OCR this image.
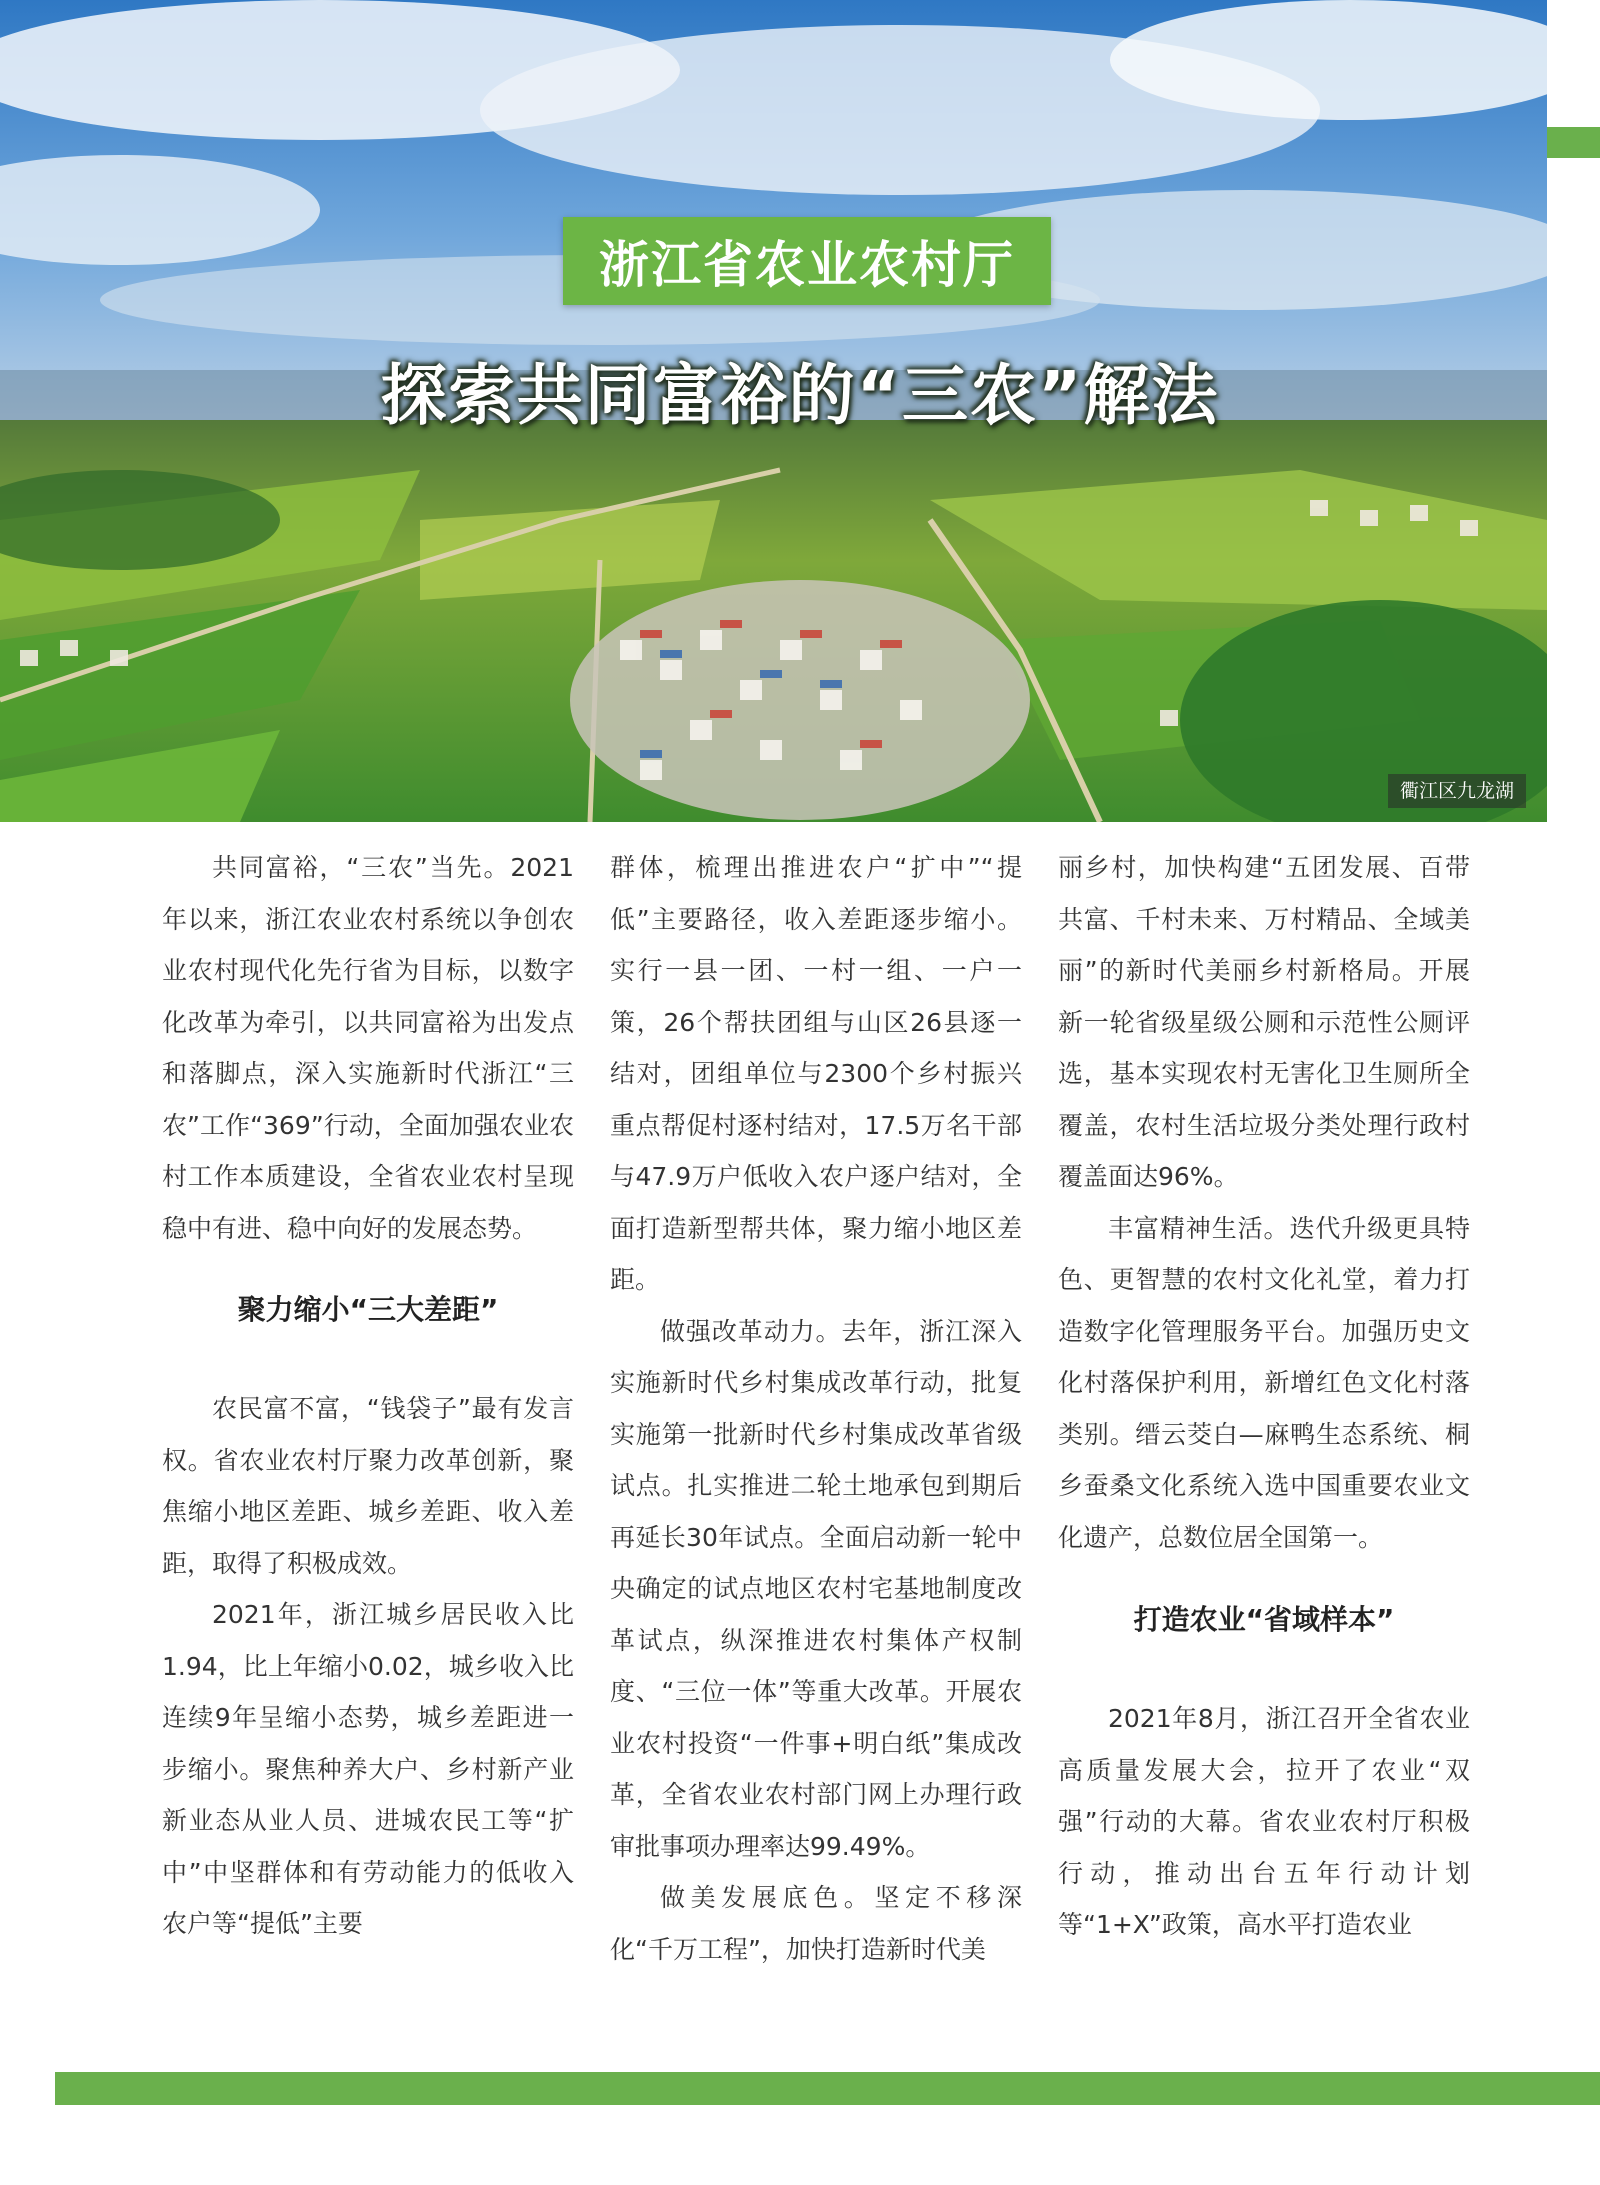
浙江省农业农村厅
探索共同富裕的“三农”解法
衢江区九龙湖

共同富裕，“三农”当先。2021年以来，浙江农业农村系统以争创农业农村现代化先行省为目标，以数字化改革为牵引，以共同富裕为出发点和落脚点，深入实施新时代浙江“三农”工作“369”行动，全面加强农业农村工作本质建设，全省农业农村呈现稳中有进、稳中向好的发展态势。

聚力缩小“三大差距”

农民富不富，“钱袋子”最有发言权。省农业农村厅聚力改革创新，聚焦缩小地区差距、城乡差距、收入差距，取得了积极成效。

2021年，浙江城乡居民收入比1.94，比上年缩小0.02，城乡收入比连续9年呈缩小态势，城乡差距进一步缩小。聚焦种养大户、乡村新产业新业态从业人员、进城农民工等“扩中”中坚群体和有劳动能力的低收入农户等“提低”主要

群体，梳理出推进农户“扩中”“提低”主要路径，收入差距逐步缩小。实行一县一团、一村一组、一户一策，26个帮扶团组与山区26县逐一结对，团组单位与2300个乡村振兴重点帮促村逐村结对，17.5万名干部与47.9万户低收入农户逐户结对，全面打造新型帮共体，聚力缩小地区差距。

做强改革动力。去年，浙江深入实施新时代乡村集成改革行动，批复实施第一批新时代乡村集成改革省级试点。扎实推进二轮土地承包到期后再延长30年试点。全面启动新一轮中央确定的试点地区农村宅基地制度改革试点，纵深推进农村集体产权制度、“三位一体”等重大改革。开展农业农村投资“一件事+明白纸”集成改革，全省农业农村部门网上办理行政审批事项办理率达99.49%。

做美发展底色。坚定不移深化“千万工程”，加快打造新时代美

丽乡村，加快构建“五团发展、百带共富、千村未来、万村精品、全域美丽”的新时代美丽乡村新格局。开展新一轮省级星级公厕和示范性公厕评选，基本实现农村无害化卫生厕所全覆盖，农村生活垃圾分类处理行政村覆盖面达96%。

丰富精神生活。迭代升级更具特色、更智慧的农村文化礼堂，着力打造数字化管理服务平台。加强历史文化村落保护利用，新增红色文化村落类别。缙云茭白—麻鸭生态系统、桐乡蚕桑文化系统入选中国重要农业文化遗产，总数位居全国第一。

打造农业“省域样本”

2021年8月，浙江召开全省农业高质量发展大会，拉开了农业“双强”行动的大幕。省农业农村厅积极行动，推动出台五年行动计划等“1+X”政策，高水平打造农业
